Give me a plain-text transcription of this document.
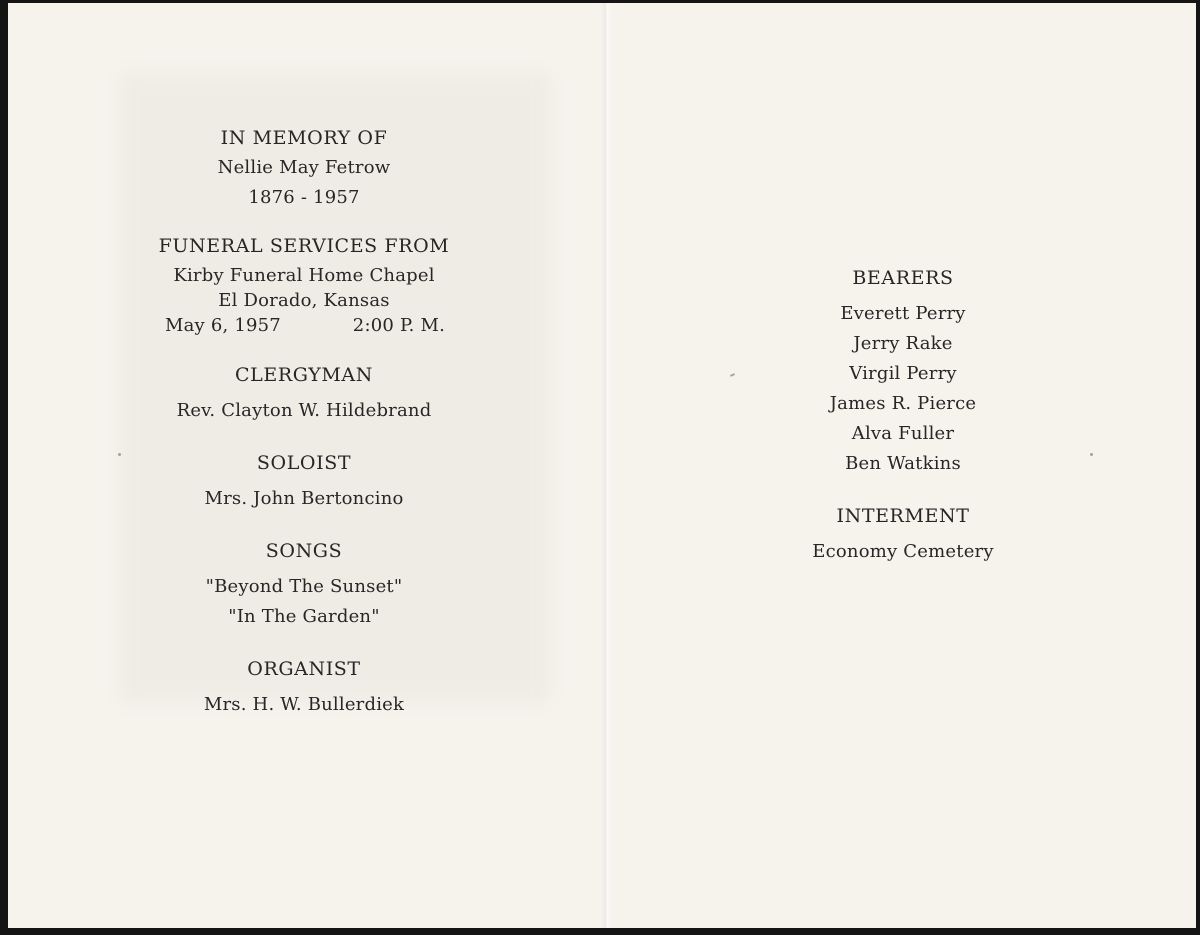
IN MEMORY OF
Nellie May Fetrow
1876 - 1957
FUNERAL SERVICES FROM
Kirby Funeral Home Chapel
El Dorado, Kansas
May 6, 1957	2:00 P. M.
CLERGYMAN
Rev. Clayton W. Hildebrand
SOLOIST
Mrs. John Bertoncino
SONGS
"Beyond The Sunset"
"In The Garden"
ORGANIST
Mrs. H. W. Bullerdiek
BEARERS
Everett Perry
Jerry Rake
Virgil Perry
James R. Pierce
Alva Fuller
Ben Watkins
INTERMENT
Economy Cemetery
